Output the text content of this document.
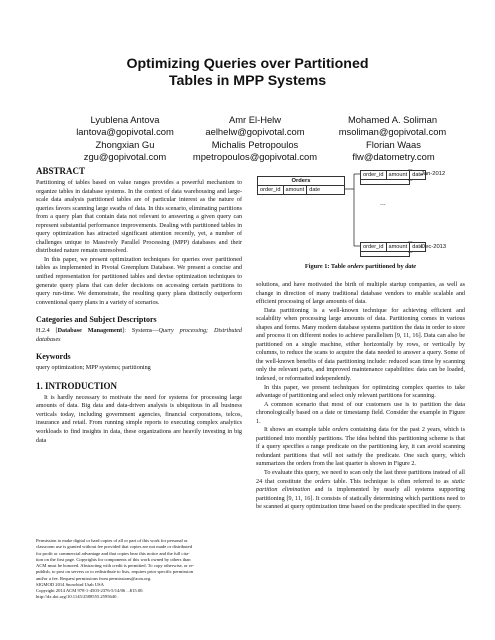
Optimizing Queries over Partitioned Tables in MPP Systems
Lyublena Antova
lantova@gopivotal.com
Amr El-Helw
aelhelw@gopivotal.com
Mohamed A. Soliman
msoliman@gopivotal.com
Zhongxian Gu
zgu@gopivotal.com
Michalis Petropoulos
mpetropoulos@gopivotal.com
Florian Waas
flw@datometry.com
ABSTRACT

Partitioning of tables based on value ranges provides a powerful mechanism to organize tables in database systems. In the context of data warehousing and large-scale data analysis partitioned tables are of particular interest as the nature of queries favors scanning large swaths of data. In this scenario, eliminating partitions from a query plan that contain data not relevant to answering a given query can represent substantial performance improvements. Dealing with partitioned tables in query optimization has attracted significant attention recently, yet, a number of challenges unique to Massively Parallel Processing (MPP) databases and their distributed nature remain unresolved.

In this paper, we present optimization techniques for queries over partitioned tables as implemented in Pivotal Greenplum Database. We present a concise and unified representation for partitioned tables and devise optimization techniques to generate query plans that can defer decisions on accessing certain partitions to query run-time. We demonstrate, the resulting query plans distinctly outperform conventional query plans in a variety of scenarios.

Categories and Subject Descriptors

H.2.4 [Database Management]: Systems—Query processing; Distributed databases

Keywords

query optimization; MPP systems; partitioning

1. INTRODUCTION

It is hardly necessary to motivate the need for systems for processing large amounts of data. Big data and data-driven analysis is ubiquitous in all business verticals today, including government agencies, financial corporations, telcos, insurance and retail. From running simple reports to executing complex analytics workloads to find insights in data, these organizations are heavily investing in big data

Permission to make digital or hard copies of all or part of this work for personal or
classroom use is granted without fee provided that copies are not made or distributed
for profit or commercial advantage and that copies bear this notice and the full cita-
tion on the first page. Copyrights for components of this work owned by others than
ACM must be honored. Abstracting with credit is permitted. To copy otherwise, or re-
publish, to post on servers or to redistribute to lists, requires prior specific permission
and/or a fee. Request permissions from permissions@acm.org.
SIGMOD 2014 Snowbird Utah USA
Copyright 2014 ACM 978-1-4503-2376-5/14/06 ...$15.00.
http://dx.doi.org/10.1145/2588555.2595640 .
Orders
order_id amount date
order_id amount date
Jan-2012
...
order_id amount date
Dec-2013
Figure 1: Table orders partitioned by date

solutions, and have motivated the birth of multiple startup companies, as well as change in direction of many traditional database vendors to enable scalable and efficient processing of large amounts of data.

Data partitioning is a well-known technique for achieving efficient and scalability when processing large amounts of data. Partitioning comes in various shapes and forms. Many modern database systems partition the data in order to store and process it on different nodes to achieve parallelism [9, 11, 16]. Data can also be partitioned on a single machine, either horizontally by rows, or vertically by columns, to reduce the scans to acquire the data needed to answer a query. Some of the well-known benefits of data partitioning include: reduced scan time by scanning only the relevant parts, and improved maintenance capabilities: data can be loaded, indexed, or reformatted independently.

In this paper, we present techniques for optimizing complex queries to take advantage of partitioning and select only relevant partitions for scanning.

A common scenario that most of our customers use is to partition the data chronologically based on a date or timestamp field. Consider the example in Figure 1.

It shows an example table orders containing data for the past 2 years, which is partitioned into monthly partitions. The idea behind this partitioning scheme is that if a query specifies a range predicate on the partitioning key, it can avoid scanning redundant partitions that will not satisfy the predicate. One such query, which summarizes the orders from the last quarter is shown in Figure 2.

To evaluate this query, we need to scan only the last three partitions instead of all 24 that constitute the orders table. This technique is often referred to as static partition elimination and is implemented by nearly all systems supporting partitioning [9, 11, 16]. It consists of statically determining which partitions need to be scanned at query optimization time based on the predicate specified in the query.
